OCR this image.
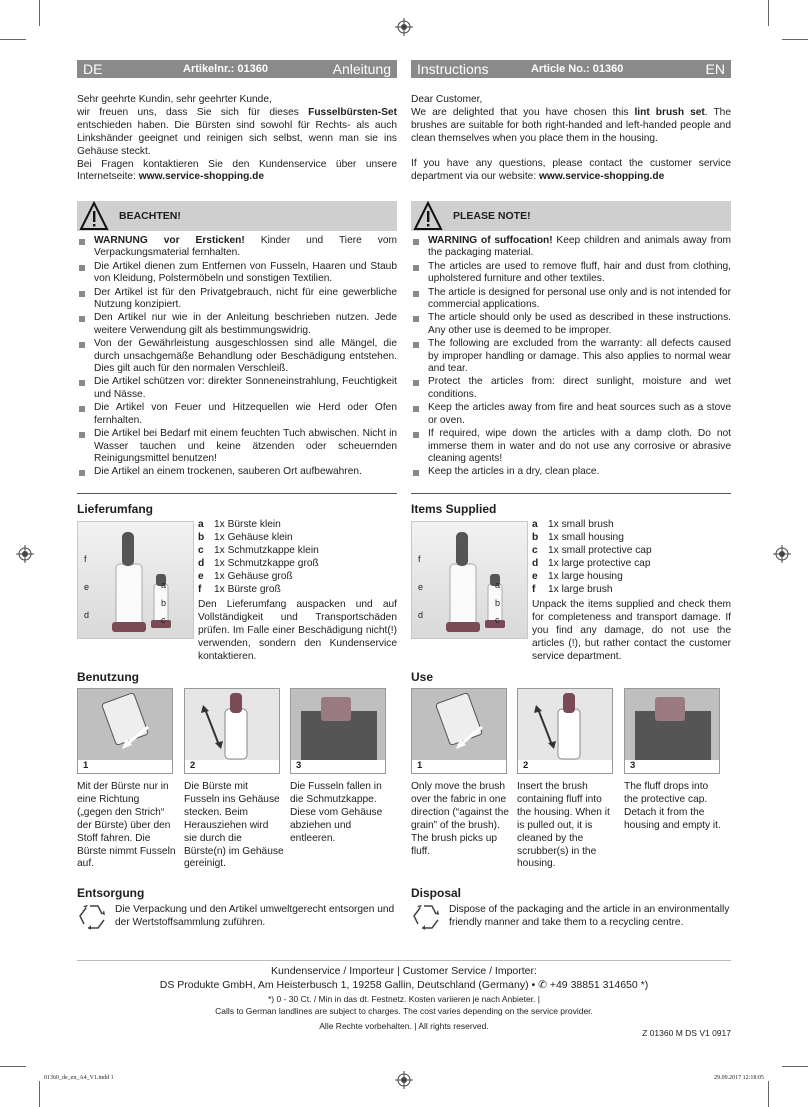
DE	Artikelnr.: 01360	Anleitung

Sehr geehrte Kundin, sehr geehrter Kunde,

wir freuen uns, dass Sie sich für dieses Fusselbürsten-Set entschieden haben. Die Bürsten sind sowohl für Rechts- als auch Linkshänder geeignet und reinigen sich selbst, wenn man sie ins Gehäuse steckt.

Bei Fragen kontaktieren Sie den Kundenservice über unsere Internetseite: www.service-shopping.de

BEACHTEN!
WARNUNG vor Ersticken! Kinder und Tiere vom Verpackungsmaterial fernhalten.
Die Artikel dienen zum Entfernen von Fusseln, Haaren und Staub von Kleidung, Polstermöbeln und sonstigen Textilien.
Der Artikel ist für den Privatgebrauch, nicht für eine gewerbliche Nutzung konzipiert.
Den Artikel nur wie in der Anleitung beschrieben nutzen. Jede weitere Verwendung gilt als bestimmungswidrig.
Von der Gewährleistung ausgeschlossen sind alle Mängel, die durch unsachgemäße Behandlung oder Beschädigung entstehen. Dies gilt auch für den normalen Verschleiß.
Die Artikel schützen vor: direkter Sonneneinstrahlung, Feuchtigkeit und Nässe.
Die Artikel von Feuer und Hitzequellen wie Herd oder Ofen fernhalten.
Die Artikel bei Bedarf mit einem feuchten Tuch abwischen. Nicht in Wasser tauchen und keine ätzenden oder scheuernden Reinigungsmittel benutzen!
Die Artikel an einem trockenen, sauberen Ort aufbewahren.
Lieferumfang
f
e
d
a
b
c
a	1x Bürste klein
b 1x Gehäuse klein
c	1x Schmutzkappe klein
d 1x Schmutzkappe groß
e	1x Gehäuse groß
f	1x Bürste groß

Den Lieferumfang auspacken und auf Vollständigkeit und Transportschäden prüfen. Im Falle einer Beschädigung nicht(!) verwenden, sondern den Kundenservice kontaktieren.

Benutzung
1	2	3
Mit der Bürste nur in eine Richtung („gegen den Strich“ der Bürste) über den Stoff fahren. Die Bürste nimmt Fusseln auf.
Die Bürste mit Fusseln ins Gehäuse stecken. Beim Herausziehen wird sie durch die Bürste(n) im Gehäuse gereinigt.
Die Fusseln fallen in die Schmutzkappe. Diese vom Gehäuse abziehen und entleeren.
Entsorgung

Die Verpackung und den Artikel umweltgerecht entsorgen und der Wertstoffsammlung zuführen.

Instructions	Article No.: 01360	EN

Dear Customer,

We are delighted that you have chosen this lint brush set. The brushes are suitable for both right-handed and left-handed people and clean themselves when you place them in the housing.

If you have any questions, please contact the customer service department via our website: www.service-shopping.de

PLEASE NOTE!
WARNING of suffocation! Keep children and animals away from the packaging material.
The articles are used to remove fluff, hair and dust from clothing, upholstered furniture and other textiles.
The article is designed for personal use only and is not intended for commercial applications.
The article should only be used as described in these instructions. Any other use is deemed to be improper.
The following are excluded from the warranty: all defects caused by improper handling or damage. This also applies to normal wear and tear.
Protect the articles from: direct sunlight, moisture and wet conditions.
Keep the articles away from fire and heat sources such as a stove or oven.
If required, wipe down the articles with a damp cloth. Do not immerse them in water and do not use any corrosive or abrasive cleaning agents!
Keep the articles in a dry, clean place.
Items Supplied
f
e
d
a
b
c
a	1x small brush
b 1x small housing
c	1x small protective cap
d 1x large protective cap
e	1x large housing
f	1x large brush

Unpack the items supplied and check them for completeness and transport damage. If you find any damage, do not use the articles (!), but rather contact the customer service department.

Use
1	2	3
Only move the brush over the fabric in one direction (“against the grain” of the brush). The brush picks up fluff.
Insert the brush containing fluff into the housing. When it is pulled out, it is cleaned by the scrubber(s) in the housing.
The fluff drops into the protective cap. Detach it from the housing and empty it.
Disposal

Dispose of the packaging and the article in an environmentally friendly manner and take them to a recycling centre.

Kundenservice / Importeur | Customer Service / Importer:
DS Produkte GmbH, Am Heisterbusch 1, 19258 Gallin, Deutschland (Germany) • ✆ +49 38851 314650 *)
*) 0 - 30 Ct. / Min in das dt. Festnetz. Kosten variieren je nach Anbieter. |
Calls to German landlines are subject to charges. The cost varies depending on the service provider.
Alle Rechte vorbehalten. | All rights reserved.
Z 01360 M DS V1 0917
01360_de_en_A4_V1.indd 1	29.09.2017 12:18:05
